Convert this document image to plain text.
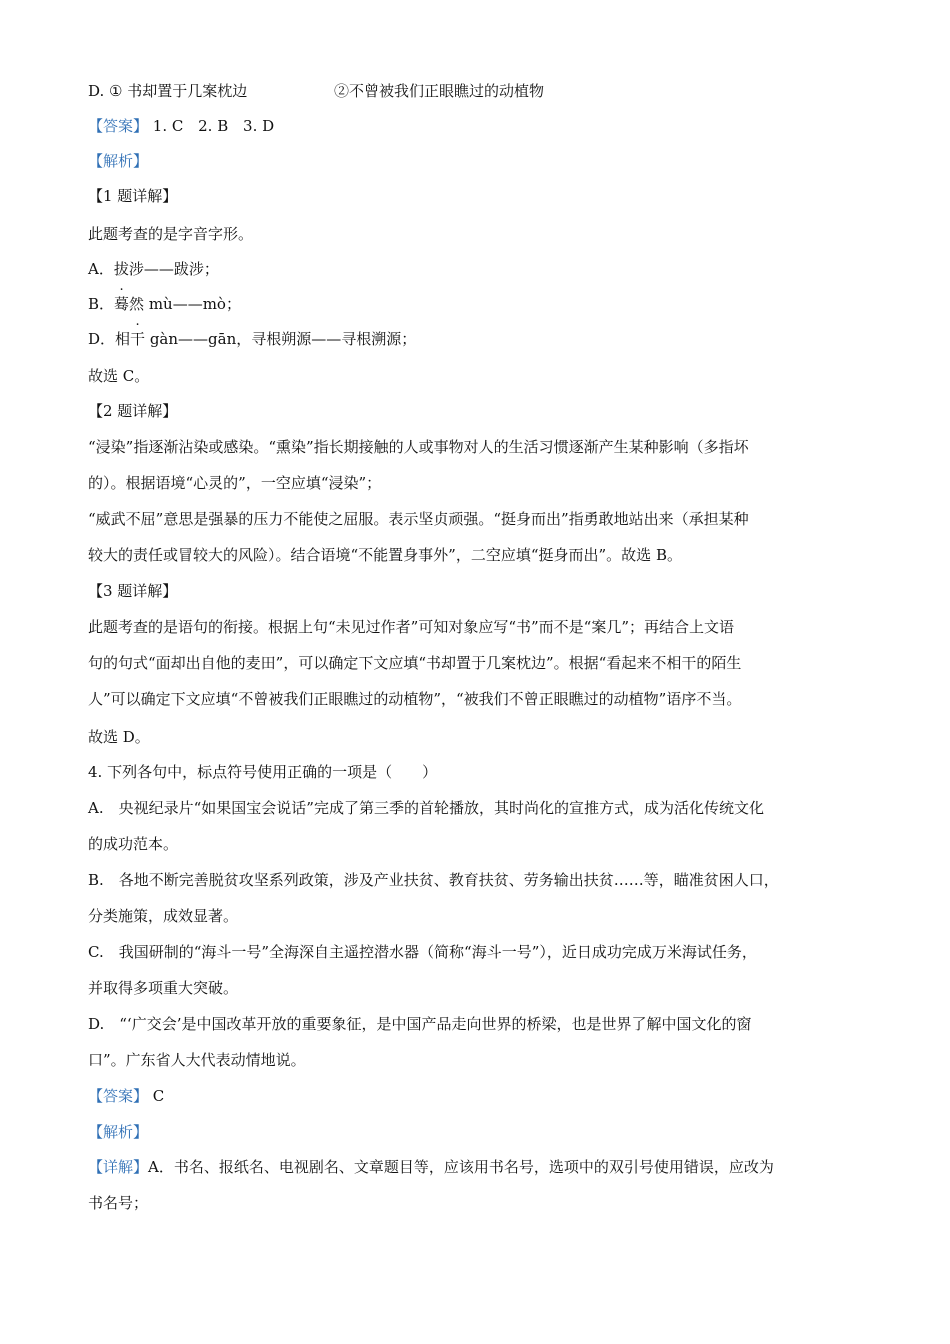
D. ① 书却置于几案枕边	②不曾被我们正眼瞧过的动植物
【答案】 1. C 2. B 3. D
【解析】
【1 题详解】
此题考查的是字音字形。
A．拔涉——跋涉；
B．蓦然 mù——mò；
D．相干 gàn——gān，寻根朔源——寻根溯源；
故选 C。
【2 题详解】
“浸染”指逐渐沾染或感染。“熏染”指长期接触的人或事物对人的生活习惯逐渐产生某种影响（多指坏
的）。根据语境“心灵的”，一空应填“浸染”；
“威武不屈”意思是强暴的压力不能使之屈服。表示坚贞顽强。“挺身而出”指勇敢地站出来（承担某种
较大的责任或冒较大的风险）。结合语境“不能置身事外”，二空应填“挺身而出”。故选 B。
【3 题详解】
此题考查的是语句的衔接。根据上句“未见过作者”可知对象应写“书”而不是“案几”；再结合上文语
句的句式“面却出自他的麦田”，可以确定下文应填“书却置于几案枕边”。根据“看起来不相干的陌生
人”可以确定下文应填“不曾被我们正眼瞧过的动植物”，“被我们不曾正眼瞧过的动植物”语序不当。
故选 D。
4. 下列各句中，标点符号使用正确的一项是（　　）
A.　央视纪录片“如果国宝会说话”完成了第三季的首轮播放，其时尚化的宣推方式，成为活化传统文化
的成功范本。
B.　各地不断完善脱贫攻坚系列政策，涉及产业扶贫、教育扶贫、劳务输出扶贫……等，瞄准贫困人口，
分类施策，成效显著。
C.　我国研制的“海斗一号”全海深自主遥控潜水器（简称“海斗一号”），近日成功完成万米海试任务，
并取得多项重大突破。
D.　“‘广交会’是中国改革开放的重要象征，是中国产品走向世界的桥梁，也是世界了解中国文化的窗
口”。广东省人大代表动情地说。
【答案】 C
【解析】
【详解】A．书名、报纸名、电视剧名、文章题目等，应该用书名号，选项中的双引号使用错误，应改为
书名号；
